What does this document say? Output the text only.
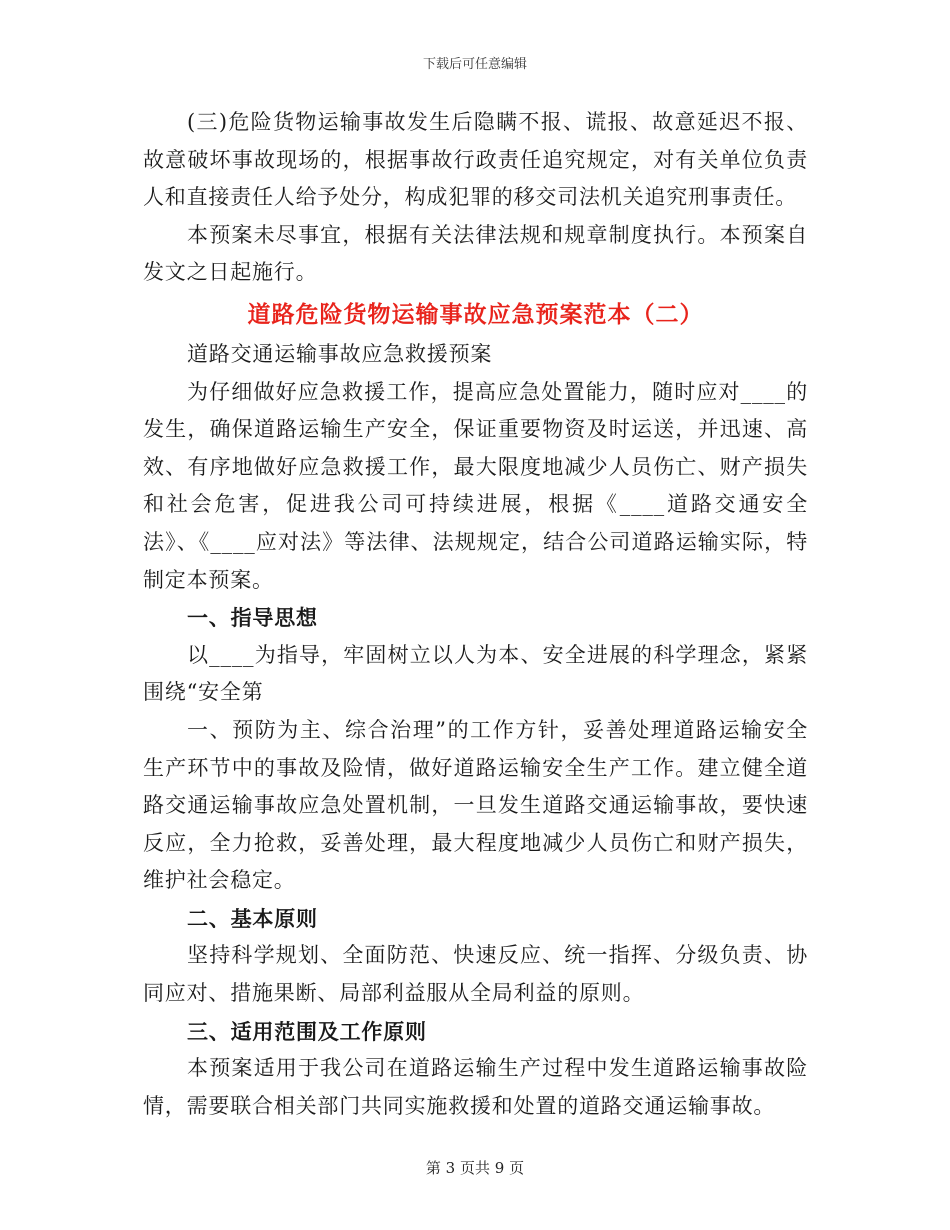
下载后可任意编辑

(三)危险货物运输事故发生后隐瞒不报、谎报、故意延迟不报、故意破坏事故现场的，根据事故行政责任追究规定，对有关单位负责人和直接责任人给予处分，构成犯罪的移交司法机关追究刑事责任。

本预案未尽事宜，根据有关法律法规和规章制度执行。本预案自发文之日起施行。

道路危险货物运输事故应急预案范本（二）

道路交通运输事故应急救援预案

为仔细做好应急救援工作，提高应急处置能力，随时应对____的发生，确保道路运输生产安全，保证重要物资及时运送，并迅速、高效、有序地做好应急救援工作，最大限度地减少人员伤亡、财产损失和社会危害，促进我公司可持续进展，根据《____道路交通安全法》、《____应对法》等法律、法规规定，结合公司道路运输实际，特制定本预案。

一、指导思想

以____为指导，牢固树立以人为本、安全进展的科学理念，紧紧围绕“安全第

一、预防为主、综合治理”的工作方针，妥善处理道路运输安全生产环节中的事故及险情，做好道路运输安全生产工作。建立健全道路交通运输事故应急处置机制，一旦发生道路交通运输事故，要快速反应，全力抢救，妥善处理，最大程度地减少人员伤亡和财产损失，维护社会稳定。

二、基本原则

坚持科学规划、全面防范、快速反应、统一指挥、分级负责、协同应对、措施果断、局部利益服从全局利益的原则。

三、适用范围及工作原则

本预案适用于我公司在道路运输生产过程中发生道路运输事故险情，需要联合相关部门共同实施救援和处置的道路交通运输事故。

第 3 页共 9 页
